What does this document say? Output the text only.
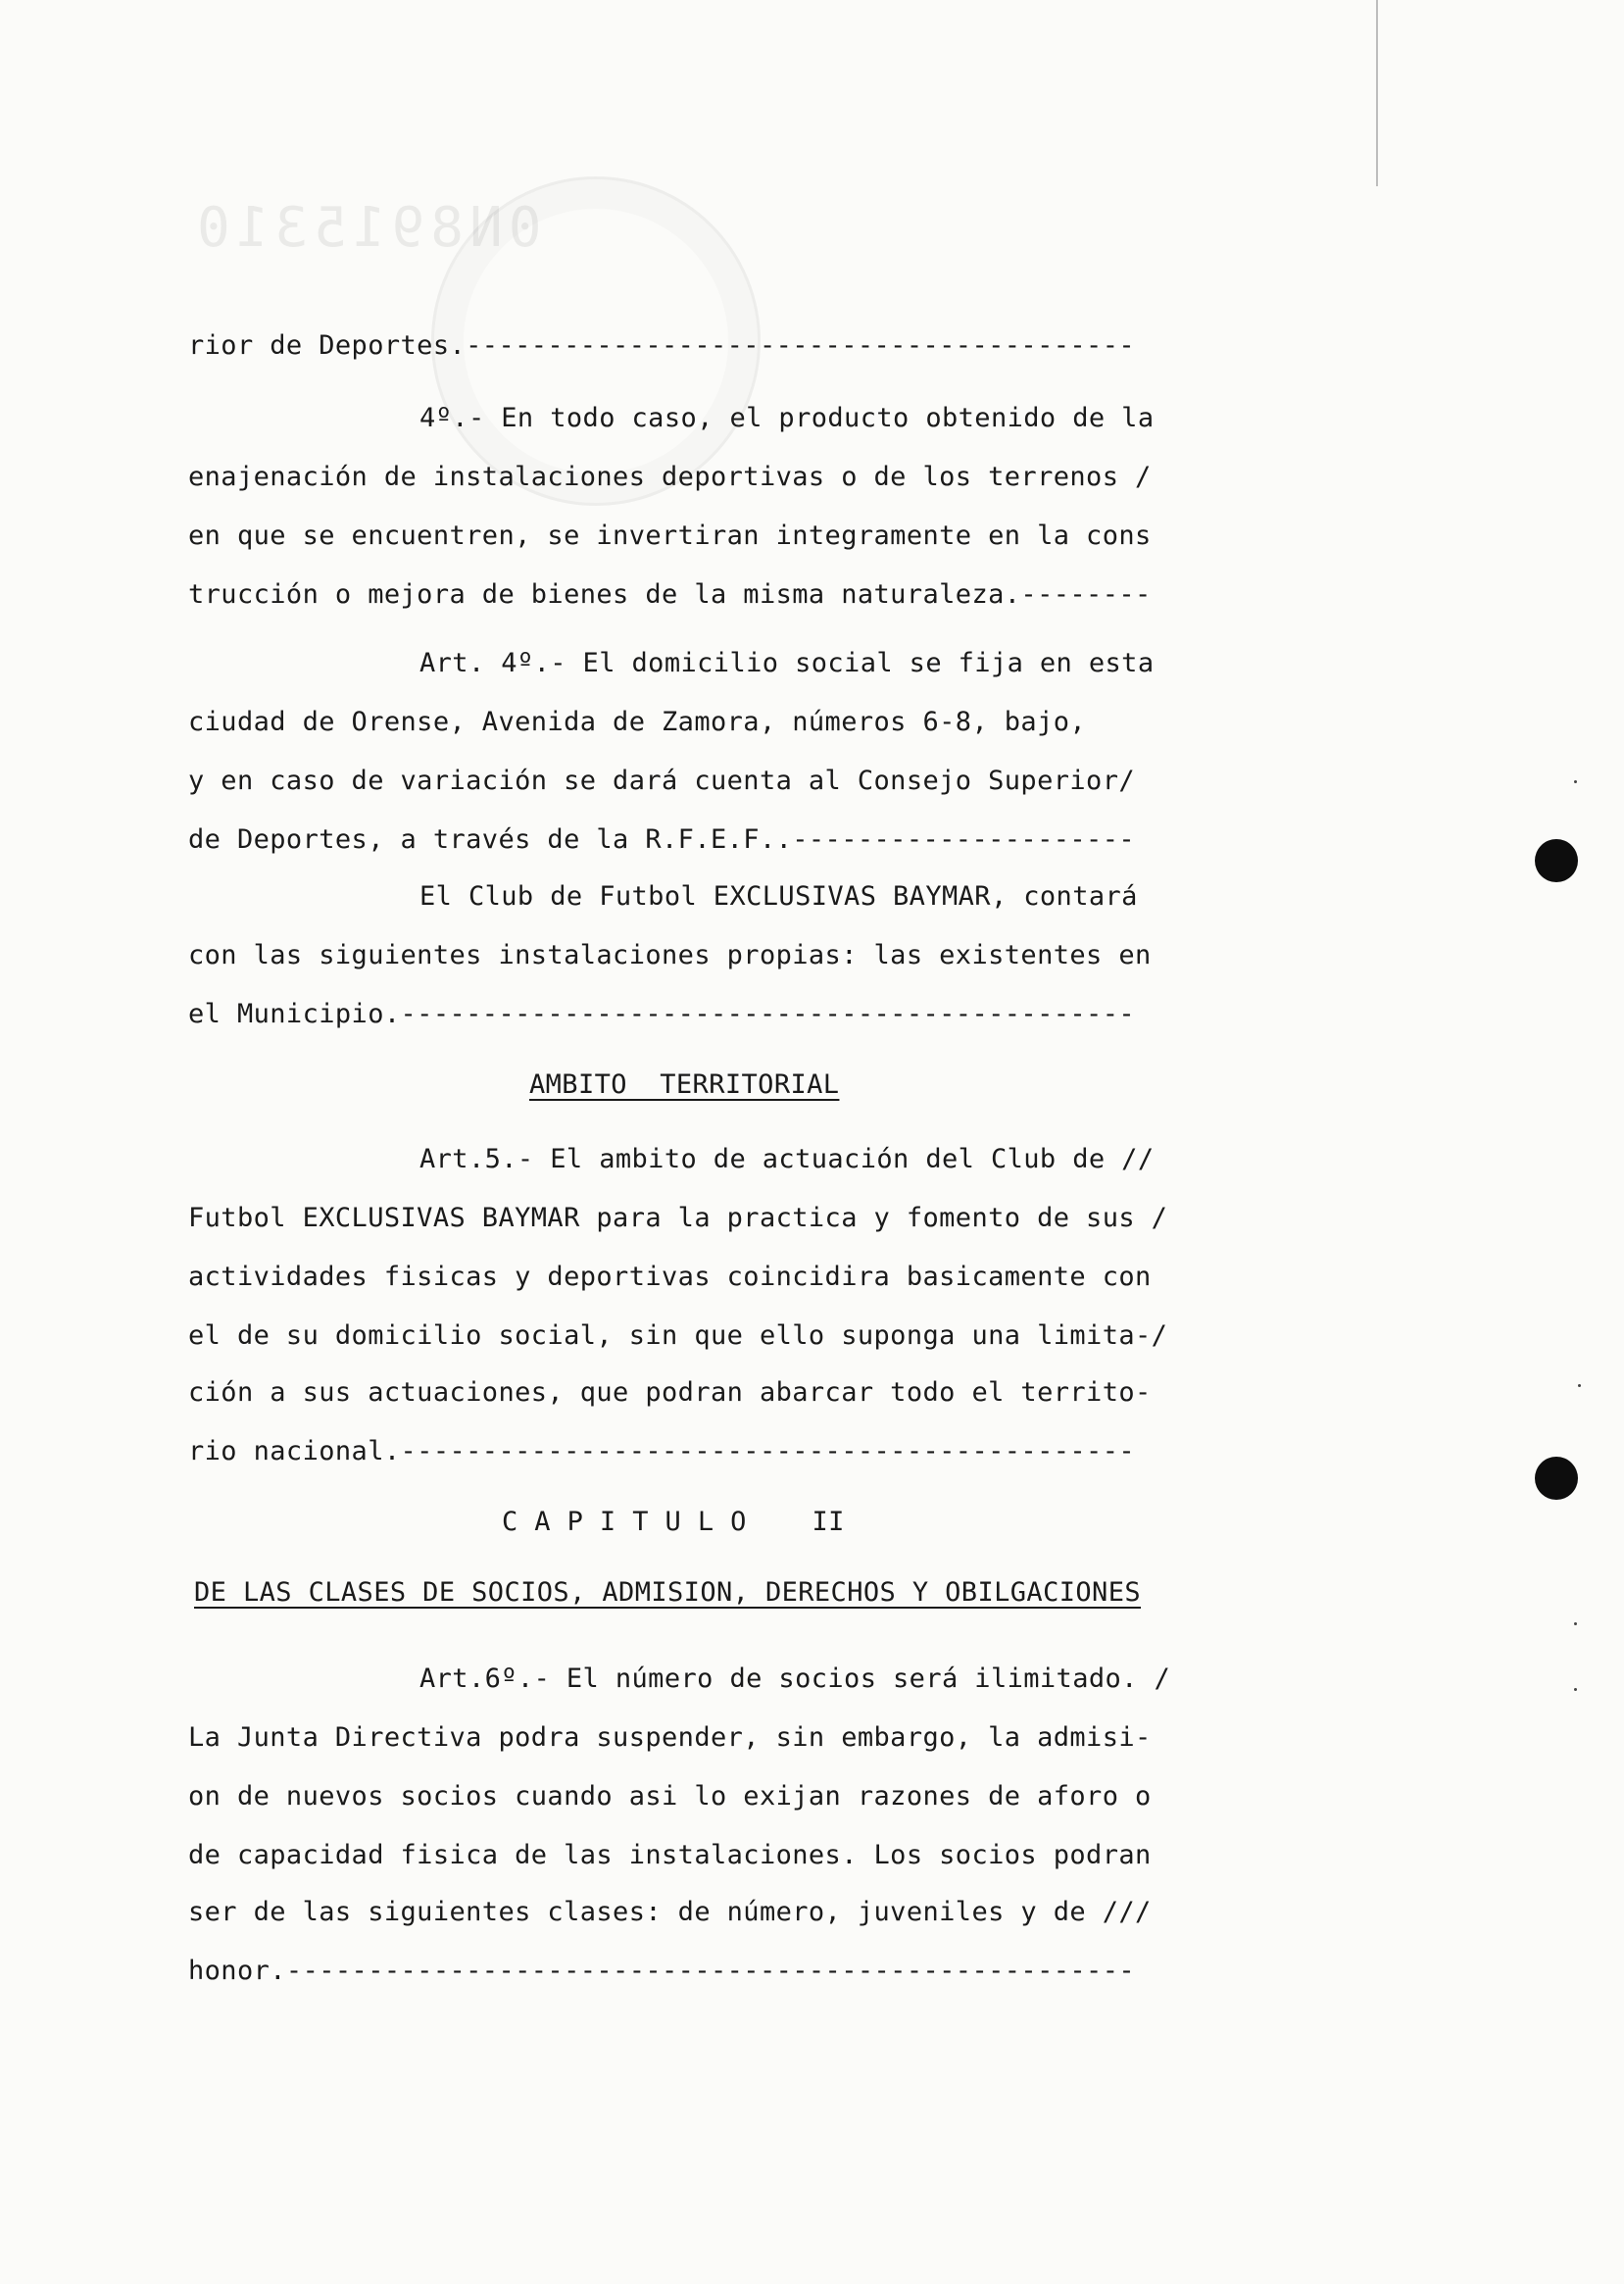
0N8915310
rior de Deportes.-----------------------------------------
4º.- En todo caso, el producto obtenido de la
enajenación de instalaciones deportivas o de los terrenos /
en que se encuentren, se invertiran integramente en la cons
trucción o mejora de bienes de la misma naturaleza.--------
Art. 4º.- El domicilio social se fija en esta
ciudad de Orense, Avenida de Zamora, números 6-8, bajo,
y en caso de variación se dará cuenta al Consejo Superior/
de Deportes, a través de la R.F.E.F..---------------------
El Club de Futbol EXCLUSIVAS BAYMAR, contará
con las siguientes instalaciones propias: las existentes en
el Municipio.---------------------------------------------
AMBITO  TERRITORIAL
Art.5.- El ambito de actuación del Club de //
Futbol EXCLUSIVAS BAYMAR para la practica y fomento de sus /
actividades fisicas y deportivas coincidira basicamente con
el de su domicilio social, sin que ello suponga una limita-/
ción a sus actuaciones, que podran abarcar todo el territo-
rio nacional.---------------------------------------------
C A P I T U L O    II
DE LAS CLASES DE SOCIOS, ADMISION, DERECHOS Y OBILGACIONES
Art.6º.- El número de socios será ilimitado. /
La Junta Directiva podra suspender, sin embargo, la admisi-
on de nuevos socios cuando asi lo exijan razones de aforo o
de capacidad fisica de las instalaciones. Los socios podran
ser de las siguientes clases: de número, juveniles y de ///
honor.----------------------------------------------------
